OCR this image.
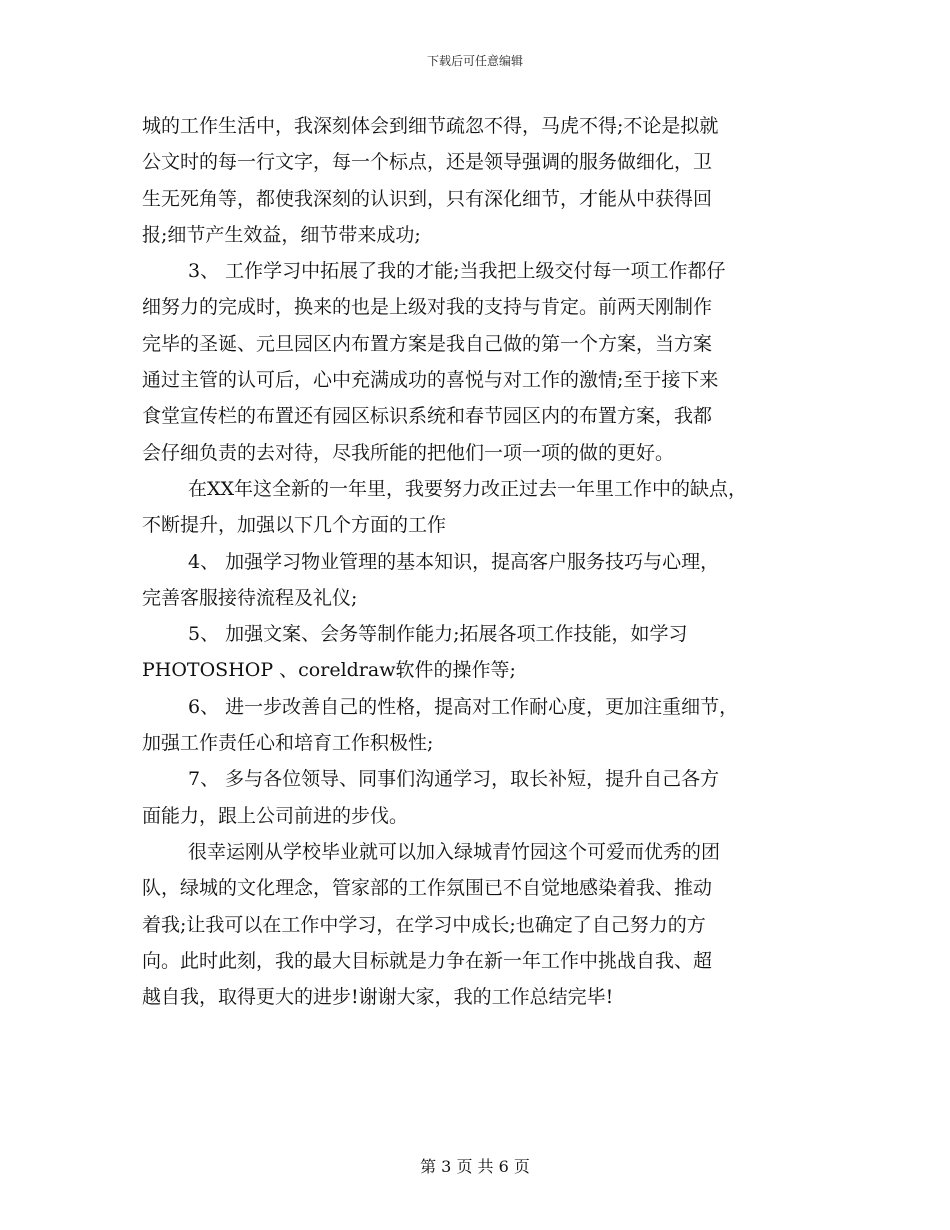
下载后可任意编辑
城的工作生活中，我深刻体会到细节疏忽不得，马虎不得;不论是拟就
公文时的每一行文字，每一个标点，还是领导强调的服务做细化，卫
生无死角等，都使我深刻的认识到，只有深化细节，才能从中获得回
报;细节产生效益，细节带来成功;
3、 工作学习中拓展了我的才能;当我把上级交付每一项工作都仔
细努力的完成时，换来的也是上级对我的支持与肯定。前两天刚制作
完毕的圣诞、元旦园区内布置方案是我自己做的第一个方案，当方案
通过主管的认可后，心中充满成功的喜悦与对工作的激情;至于接下来
食堂宣传栏的布置还有园区标识系统和春节园区内的布置方案，我都
会仔细负责的去对待，尽我所能的把他们一项一项的做的更好。
在XX年这全新的一年里，我要努力改正过去一年里工作中的缺点，
不断提升，加强以下几个方面的工作
4、 加强学习物业管理的基本知识，提高客户服务技巧与心理，
完善客服接待流程及礼仪;
5、 加强文案、会务等制作能力;拓展各项工作技能，如学习
PHOTOSHOP 、coreldraw软件的操作等;
6、 进一步改善自己的性格，提高对工作耐心度，更加注重细节，
加强工作责任心和培育工作积极性;
7、 多与各位领导、同事们沟通学习，取长补短，提升自己各方
面能力，跟上公司前进的步伐。
很幸运刚从学校毕业就可以加入绿城青竹园这个可爱而优秀的团
队，绿城的文化理念，管家部的工作氛围已不自觉地感染着我、推动
着我;让我可以在工作中学习，在学习中成长;也确定了自己努力的方
向。此时此刻，我的最大目标就是力争在新一年工作中挑战自我、超
越自我，取得更大的进步!谢谢大家，我的工作总结完毕!
第 3 页 共 6 页
